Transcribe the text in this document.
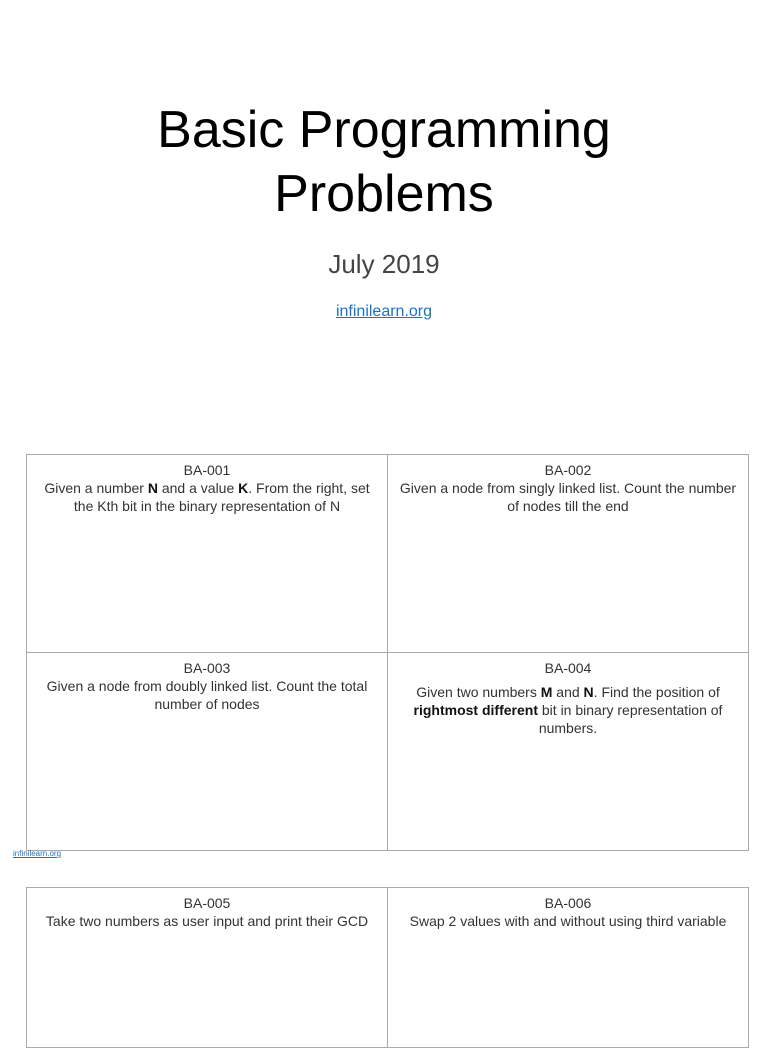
Basic Programming
Problems
July 2019
infinilearn.org
BA-001
Given a number N and a value K. From the right, set the Kth bit in the binary representation of N	BA-002
Given a node from singly linked list. Count the number of nodes till the end

BA-003
Given a node from doubly linked list. Count the total number of nodes	BA-004
Given two numbers M and N. Find the position of rightmost different bit in binary representation of numbers.
infinilearn.org
BA-005
Take two numbers as user input and print their GCD	
BA-006
Swap 2 values with and without using third variable
